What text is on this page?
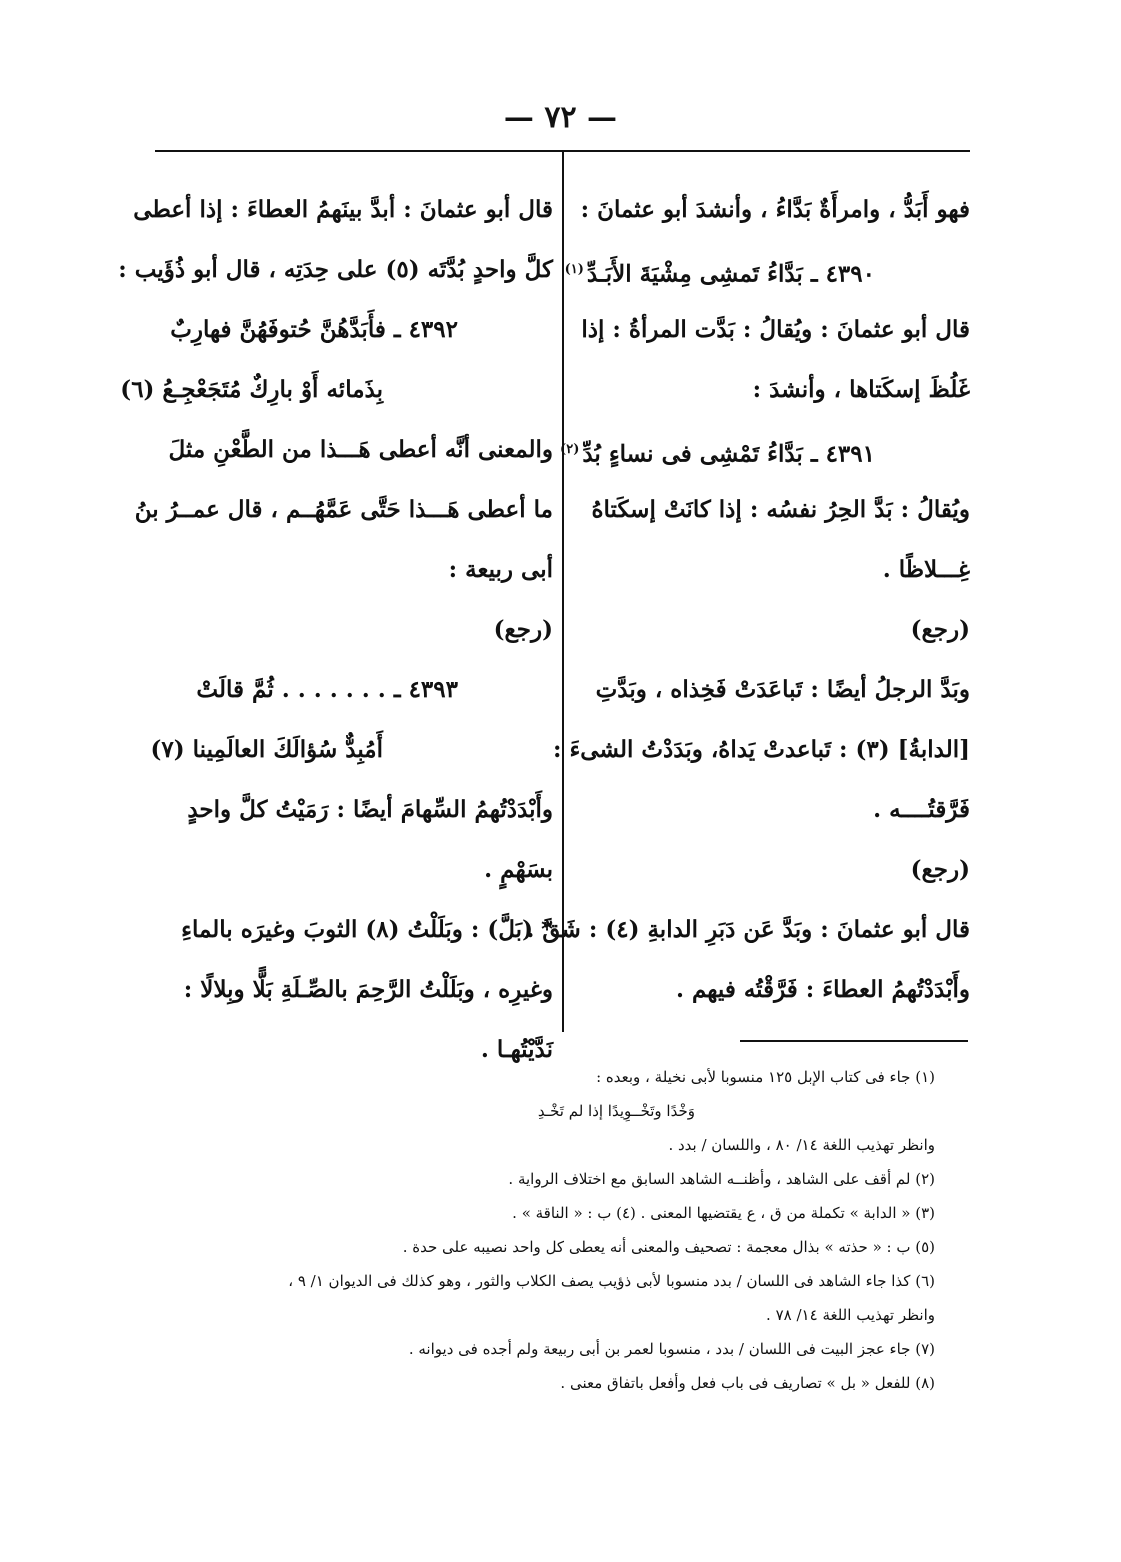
— ٧٢ —
فهو أَبَدُّ ، وامرأَةٌ بَدَّاءُ ، وأنشدَ أبو عثمانَ :
٤٣٩٠ ـ بَدَّاءُ تَمشِى مِشْيَةَ الأَبَـدِّ$^{(١)}$
قال أبو عثمانَ : ويُقالُ : بَدَّت المرأةُ : إذا
غَلُظَ إسكَتاها ، وأنشدَ :
٤٣٩١ ـ بَدَّاءُ تَمْشِى فى نساءٍ بُدِّ$^{(٢)}$
ويُقالُ : بَدَّ الحِرُ نفسُه : إذا كانَتْ إسكَتاهُ
غِـــلاظًا .
(رجع)
وبَدَّ الرجلُ أيضًا : تَباعَدَتْ فَخِذاه ، وبَدَّتِ
[الدابةُ] (٣) : تَباعدتْ يَداهُ، وبَدَدْتُ الشىءَ :
فَرَّقتُــــه .
(رجع)
قال أبو عثمانَ : وبَدَّ عَن دَبَرِ الدابةِ (٤) : شَقَّ .
وأَبْدَدْتُهمُ العطاءَ : فَرَّقْتُه فيهم .
قال أبو عثمانَ : أبدَّ بينَهمُ العطاءَ : إذا أعطى
كلَّ واحدٍ بُدَّتَه (٥) على حِدَتِه ، قال أبو ذُؤَيب :
٤٣٩٢ ـ فأَبَدَّهُنَّ حُتوفَهُنَّ فهارِبٌ
بِذَمائه أَوْ بارِكٌ مُتَجَعْجِـعُ (٦)
والمعنى أنَّه أعطى هَـــذا من الطَّعْنِ مثلَ
ما أعطى هَـــذا حَتَّى عَمَّهُــم ، قال عمــرُ بنُ
أبى ربيعة :
(رجع)
٤٣٩٣ ـ . . . . . . . ثُمَّ قالَتْ
أَمُبِدٌّ سُؤالَكَ العالَمِينا (٧)
وأَبْدَدْتُهمُ السِّهامَ أيضًا : رَمَيْتُ كلَّ واحدٍ
بسَهْمٍ .
* (بَلَّ) : وبَلَلْتُ (٨) الثوبَ وغيرَه بالماءِ
وغيرِه ، وبَلَلْتُ الرَّحِمَ بالصِّـلَةِ بَلًّا وبِلالًا :
نَدَّيْتُهـا .
(١) جاء فى كتاب الإبل ١٢٥ منسوبا لأبى نخيلة ، وبعده :
وَخْدًا وتَخْــوِيدًا إذا لم تَخْـدِ
وانظر تهذيب اللغة ١٤/ ٨٠ ، واللسان / بدد .
(٢) لم أقف على الشاهد ، وأظنــه الشاهد السابق مع اختلاف الرواية .
(٣) « الدابة » تكملة من ق ، ع يقتضيها المعنى . (٤) ب : « الناقة » .
(٥) ب : « حذته » بذال معجمة : تصحيف والمعنى أنه يعطى كل واحد نصيبه على حدة .
(٦) كذا جاء الشاهد فى اللسان / بدد منسوبا لأبى ذؤيب يصف الكلاب والثور ، وهو كذلك فى الديوان ١/ ٩ ،
وانظر تهذيب اللغة ١٤/ ٧٨ .
(٧) جاء عجز البيت فى اللسان / بدد ، منسوبا لعمر بن أبى ربيعة ولم أجده فى ديوانه .
(٨) للفعل « بل » تصاريف فى باب فعل وأفعل باتفاق معنى .
